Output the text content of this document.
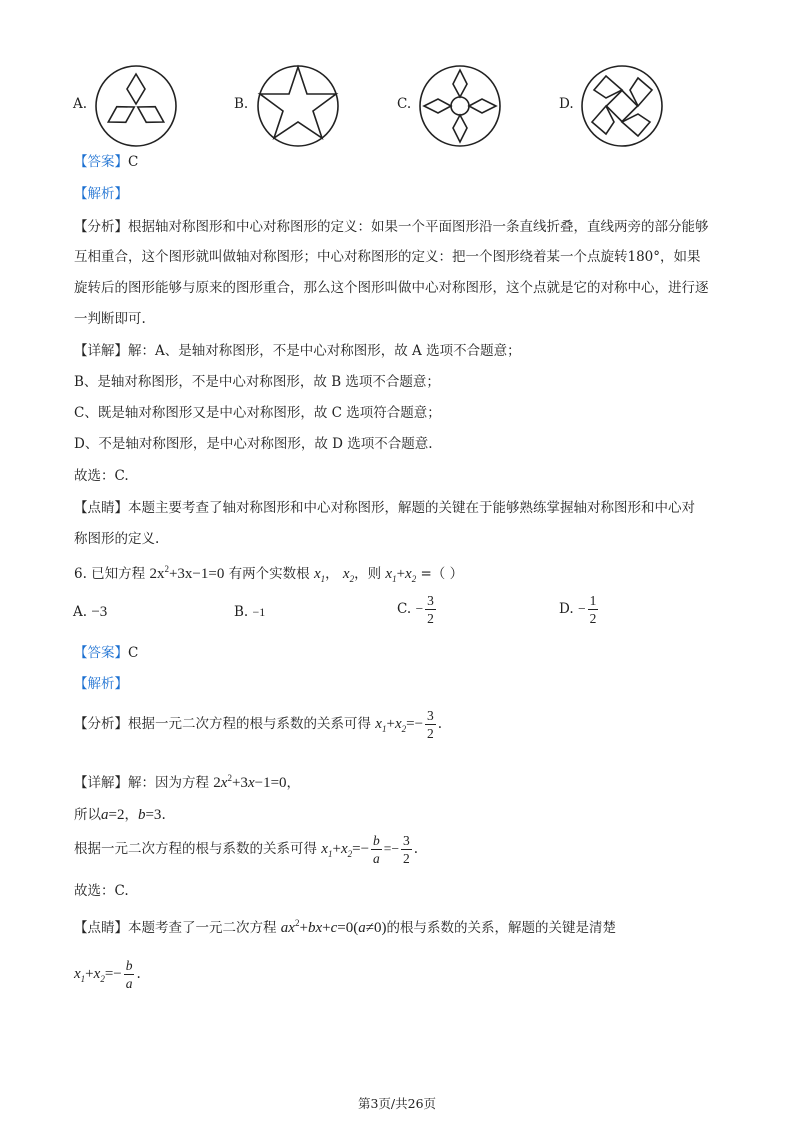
A.	B.	C.	D.
【答案】C
【解析】
【分析】根据轴对称图形和中心对称图形的定义：如果一个平面图形沿一条直线折叠，直线两旁的部分能够
互相重合，这个图形就叫做轴对称图形；中心对称图形的定义：把一个图形绕着某一个点旋转180°，如果
旋转后的图形能够与原来的图形重合，那么这个图形叫做中心对称图形，这个点就是它的对称中心，进行逐
一判断即可.
【详解】解：A、是轴对称图形，不是中心对称图形，故 A 选项不合题意；
B、是轴对称图形，不是中心对称图形，故 B 选项不合题意；
C、既是轴对称图形又是中心对称图形，故 C 选项符合题意；
D、不是轴对称图形，是中心对称图形，故 D 选项不合题意.
故选：C.
【点睛】本题主要考查了轴对称图形和中心对称图形，解题的关键在于能够熟练掌握轴对称图形和中心对
称图形的定义.
6. 已知方程 $2x^2+3x-1=0$ 有两个实数根 $x_1$， $x_2$，则 $x_1+x_2$ =（ ）
A. −3	B. −1	C. − $\frac{3}{2}$	D. − $\frac{1}{2}$
【答案】C
【解析】
【分析】根据一元二次方程的根与系数的关系可得 $x_1+x_2=- \frac{3}{2}$ .
【详解】解：因为方程 $2x^2+3x-1=0$，
所以a=2，b=3.
根据一元二次方程的根与系数的关系可得 $x_1+x_2=- \frac{b}{a} =- \frac{3}{2}$ .
故选：C.
【点睛】本题考查了一元二次方程 $ax^2+bx+c=0(a\ne 0)$的根与系数的关系，解题的关键是清楚
$x_1+x_2=- \frac{b}{a}$ .
第3页/共26页
